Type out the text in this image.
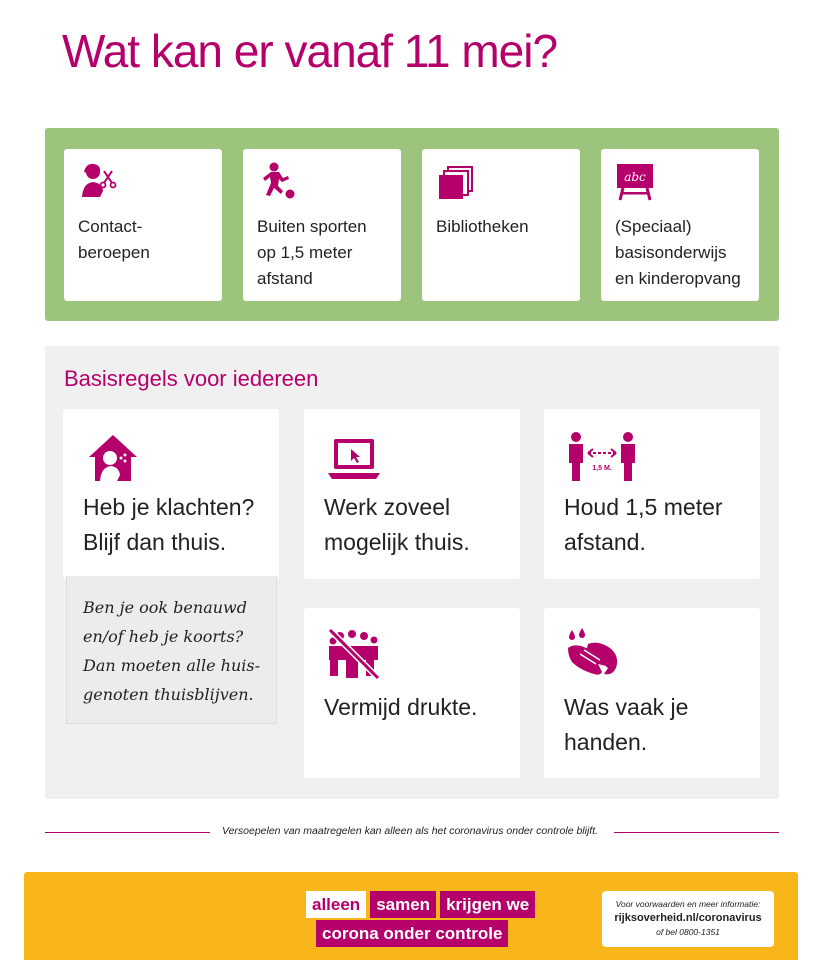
Wat kan er vanaf 11 mei?
Contact-
beroepen
Buiten sporten
op 1,5 meter
afstand
Bibliotheken
abc
(Speciaal)
basisonderwijs
en kinderopvang
Basisregels voor iedereen
Heb je klachten?
Blijf dan thuis.
Ben je ook benauwd
en/of heb je koorts?
Dan moeten alle huis-
genoten thuisblijven.
Werk zoveel
mogelijk thuis.
1,5 M.
Houd 1,5 meter
afstand.
Vermijd drukte.	Was vaak je
handen.
Versoepelen van maatregelen kan alleen als het coronavirus onder controle blijft.
alleen samen krijgen we
corona onder controle
Voor voorwaarden en meer informatie:
rijksoverheid.nl/coronavirus
of bel 0800-1351
